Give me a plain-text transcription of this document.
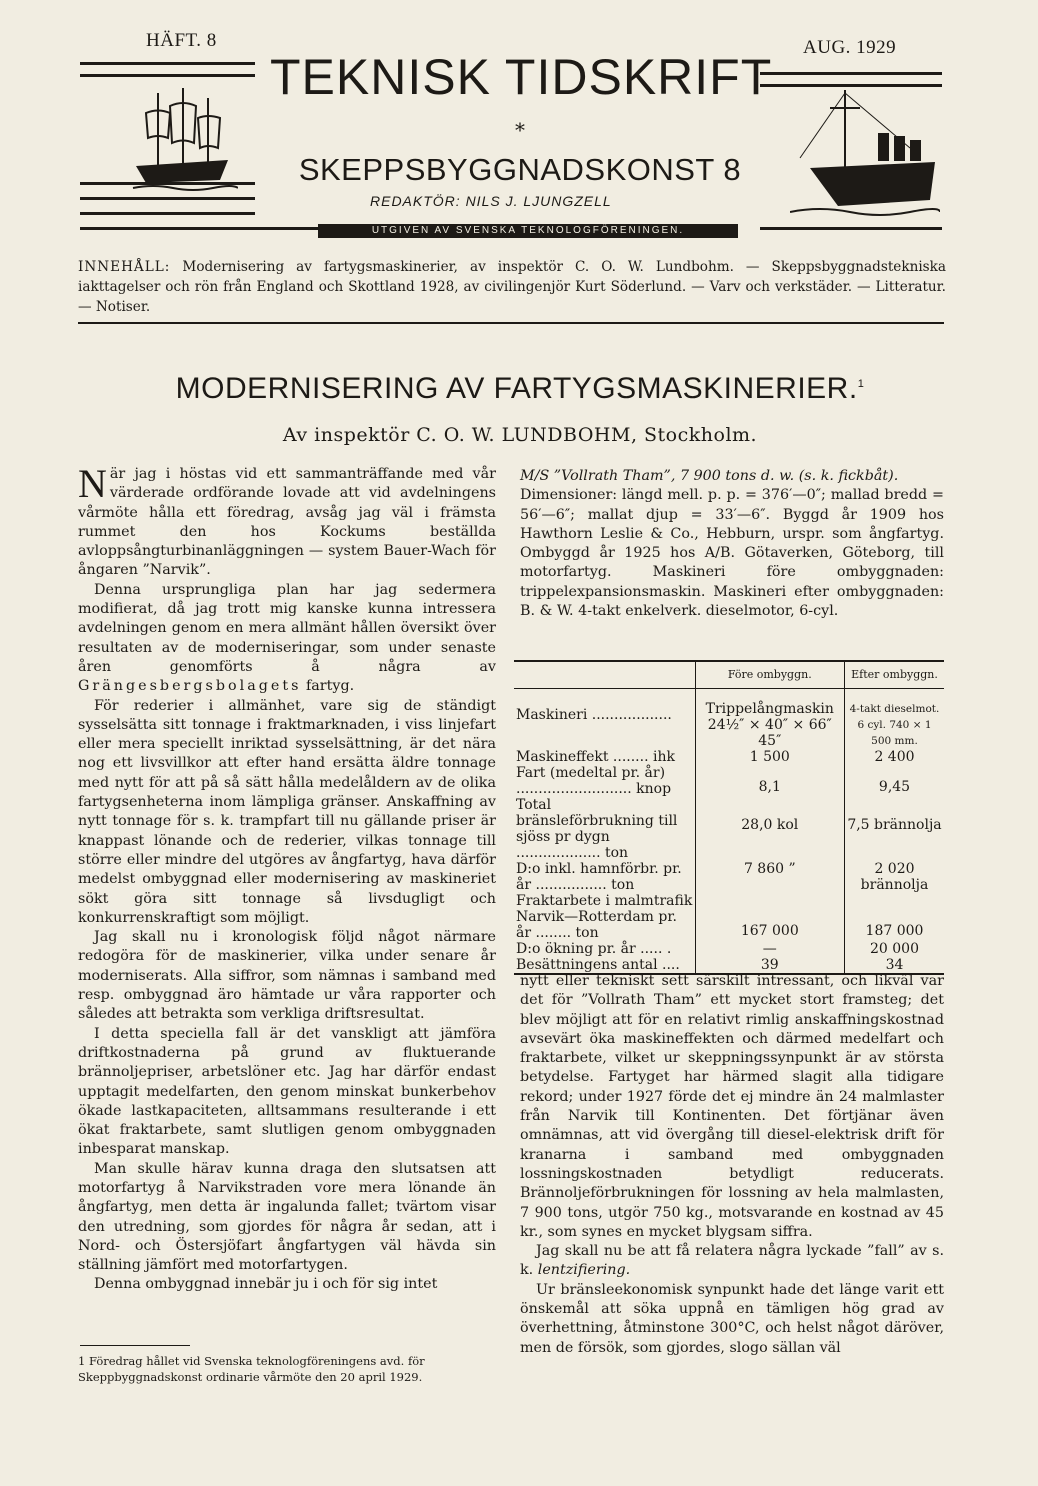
HÄFT. 8	AUG. 1929
TEKNISK TIDSKRIFT
*
SKEPPSBYGGNADSKONST 8
REDAKTÖR: NILS J. LJUNGZELL
UTGIVEN AV SVENSKA TEKNOLOGFÖRENINGEN.
INNEHÅLL: Modernisering av fartygsmaskinerier, av inspektör C. O. W. Lundbohm. — Skeppsbyggnadstekniska iakttagelser och rön från England och Skottland 1928, av civilingenjör Kurt Söderlund. — Varv och verkstäder. — Litteratur. — Notiser.
MODERNISERING AV FARTYGSMASKINERIER.$^1$
Av inspektör C. O. W. LUNDBOHM, Stockholm.

När jag i höstas vid ett sammanträffande med vår värderade ordförande lovade att vid avdelningens vårmöte hålla ett föredrag, avsåg jag väl i främsta rummet den hos Kockums beställda avloppsångturbinanläggningen — system Bauer-Wach för ångaren ”Narvik”.

Denna ursprungliga plan har jag sedermera modifierat, då jag trott mig kanske kunna intressera avdelningen genom en mera allmänt hållen översikt över resultaten av de moderniseringar, som under senaste åren genomförts å några av Grängesbergsbolagets fartyg.

För rederier i allmänhet, vare sig de ständigt sysselsätta sitt tonnage i fraktmarknaden, i viss linjefart eller mera speciellt inriktad sysselsättning, är det nära nog ett livsvillkor att efter hand ersätta äldre tonnage med nytt för att på så sätt hålla medelåldern av de olika fartygsenheterna inom lämpliga gränser. Anskaffning av nytt tonnage för s. k. trampfart till nu gällande priser är knappast lönande och de rederier, vilkas tonnage till större eller mindre del utgöres av ångfartyg, hava därför medelst ombyggnad eller modernisering av maskineriet sökt göra sitt tonnage så livsdugligt och konkurrenskraftigt som möjligt.

Jag skall nu i kronologisk följd något närmare redogöra för de maskinerier, vilka under senare år moderniserats. Alla siffror, som nämnas i samband med resp. ombyggnad äro hämtade ur våra rapporter och således att betrakta som verkliga driftsresultat.

I detta speciella fall är det vanskligt att jämföra driftkostnaderna på grund av fluktuerande brännoljepriser, arbetslöner etc. Jag har därför endast upptagit medelfarten, den genom minskat bunkerbehov ökade lastkapaciteten, alltsammans resulterande i ett ökat fraktarbete, samt slutligen genom ombyggnaden inbesparat manskap.

Man skulle härav kunna draga den slutsatsen att motorfartyg å Narvikstraden vore mera lönande än ångfartyg, men detta är ingalunda fallet; tvärtom visar den utredning, som gjordes för några år sedan, att i Nord- och Östersjöfart ångfartygen väl hävda sin ställning jämfört med motorfartygen.

Denna ombyggnad innebär ju i och för sig intet

1 Föredrag hållet vid Svenska teknologföreningens avd. för Skeppbyggnadskonst ordinarie vårmöte den 20 april 1929.

M/S ”Vollrath Tham”, 7 900 tons d. w. (s. k. fickbåt).

Dimensioner: längd mell. p. p. = 376′—0″; mallad bredd = 56′—6″; mallat djup = 33′—6″. Byggd år 1909 hos Hawthorn Leslie & Co., Hebburn, urspr. som ångfartyg. Ombyggd år 1925 hos A/B. Götaverken, Göteborg, till motorfartyg. Maskineri före ombyggnaden: trippelexpansionsmaskin. Maskineri efter ombyggnaden: B. & W. 4-takt enkelverk. dieselmotor, 6-cyl.

	Före ombyggn.	Efter ombyggn.
Maskineri ..................	Trippelångmaskin 24½″ × 40″ × 66″ 45″	4-takt dieselmot. 6 cyl. 740 × 1 500 mm.
Maskineffekt ........ ihk	1 500	2 400
Fart (medeltal pr. år) .......................... knop	8,1	9,45
Total bränsleförbrukning till sjöss pr dygn ................... ton	28,0 kol	7,5 brännolja
D:o inkl. hamnförbr. pr. år ................ ton	7 860 ”	2 020 brännolja
Fraktarbete i malmtrafik Narvik—Rotterdam pr. år ........ ton	167 000	187 000
D:o ökning pr. år ..... .	—	20 000
Besättningens antal ....	39	34

nytt eller tekniskt sett särskilt intressant, och likväl var det för ”Vollrath Tham” ett mycket stort framsteg; det blev möjligt att för en relativt rimlig anskaffningskostnad avsevärt öka maskineffekten och därmed medelfart och fraktarbete, vilket ur skeppningssynpunkt är av största betydelse. Fartyget har härmed slagit alla tidigare rekord; under 1927 förde det ej mindre än 24 malmlaster från Narvik till Kontinenten. Det förtjänar även omnämnas, att vid övergång till diesel-elektrisk drift för kranarna i samband med ombyggnaden lossningskostnaden betydligt reducerats. Brännoljeförbrukningen för lossning av hela malmlasten, 7 900 tons, utgör 750 kg., motsvarande en kostnad av 45 kr., som synes en mycket blygsam siffra.

Jag skall nu be att få relatera några lyckade ”fall” av s. k. lentzifiering.

Ur bränsleekonomisk synpunkt hade det länge varit ett önskemål att söka uppnå en tämligen hög grad av överhettning, åtminstone 300°C, och helst något däröver, men de försök, som gjordes, slogo sällan väl
